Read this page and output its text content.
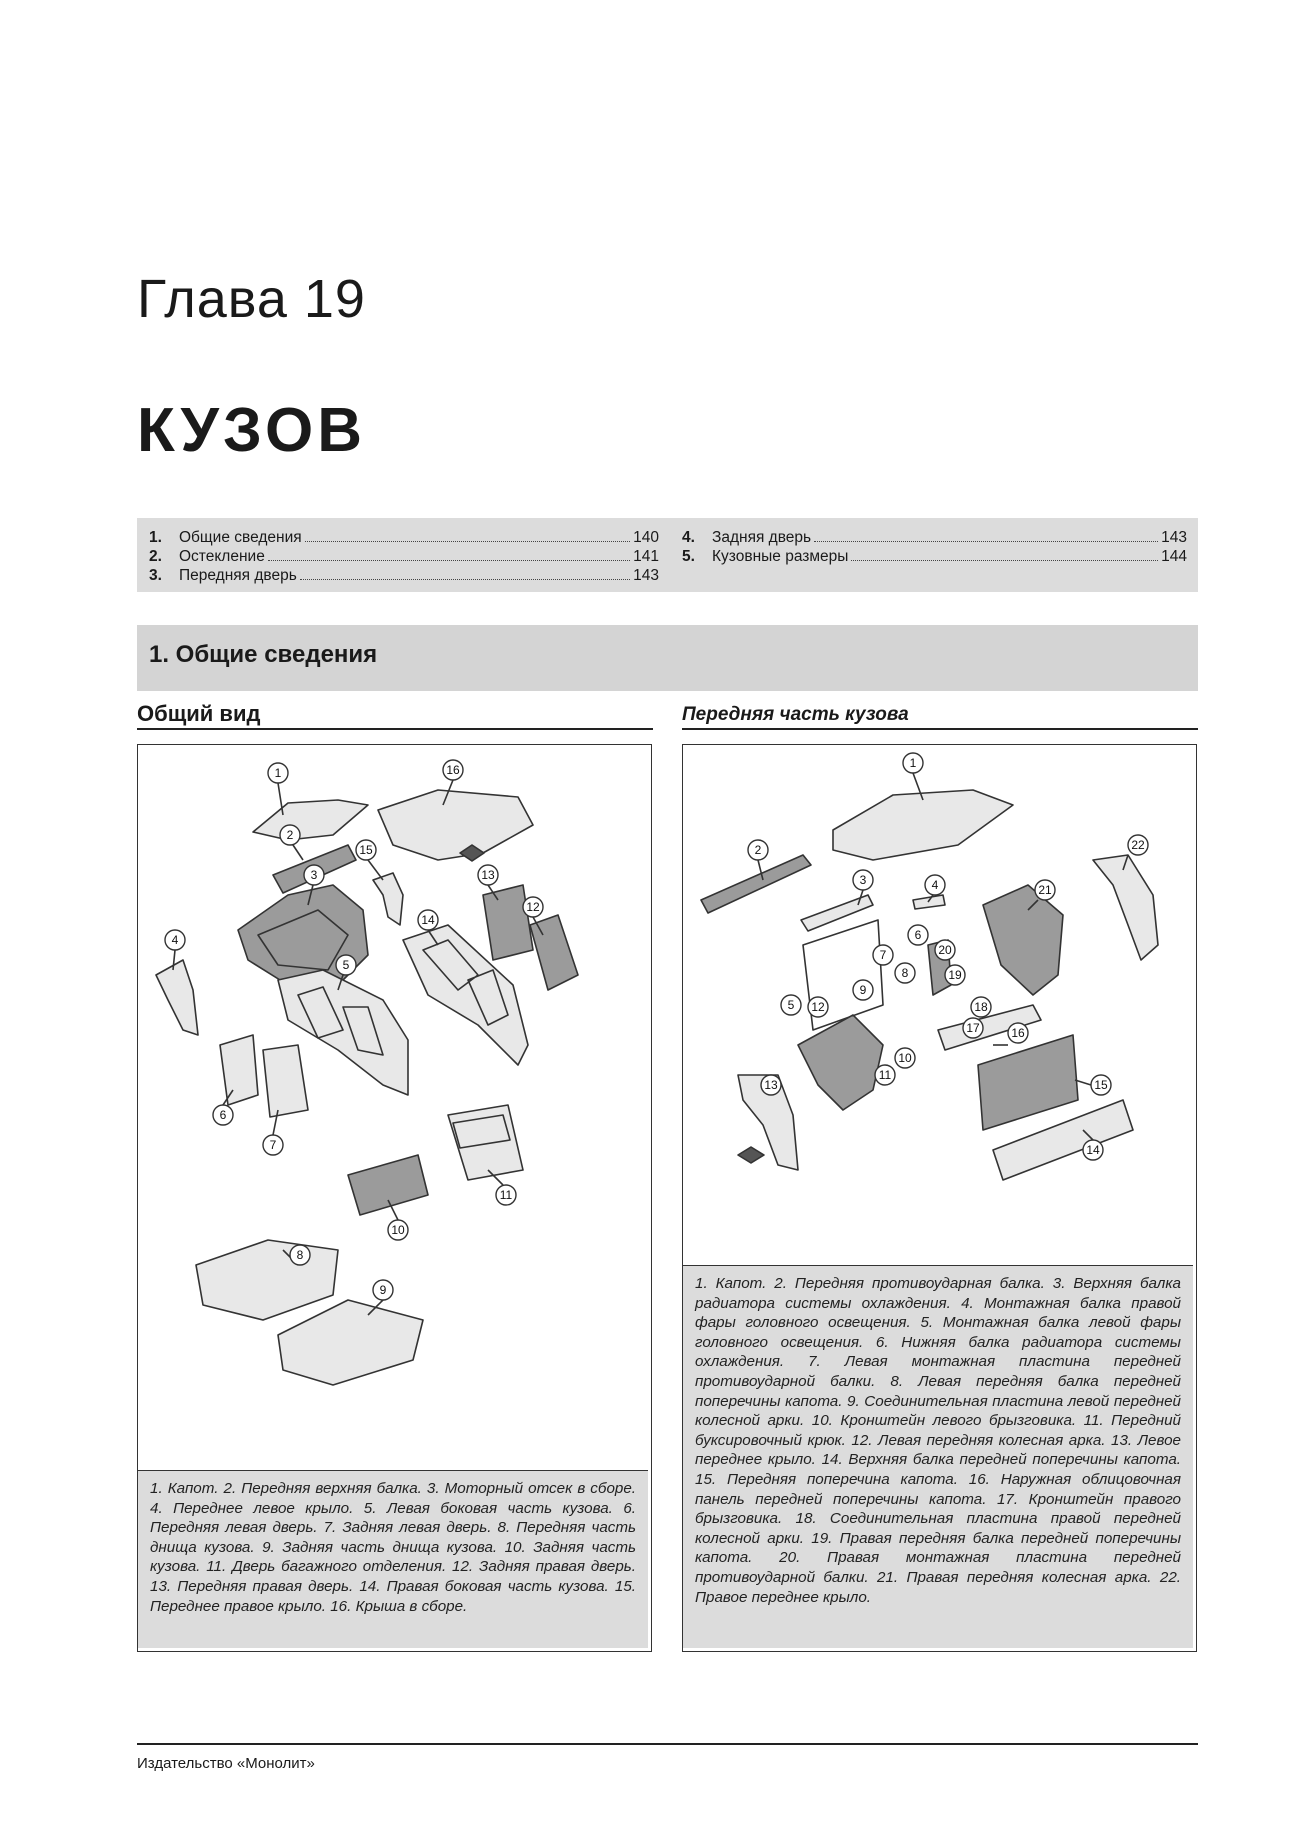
Глава 19
КУЗОВ
1.	Общие сведения	140
2.	Остекление	141
3.	Передняя дверь	143
4.	Задняя дверь	143
5.	Кузовные размеры	144
1. Общие сведения
Общий вид	Передняя часть кузова
1
2
3
4
5
6
7
8
9
10
11
12
13
14
15
16
1. Капот. 2. Передняя верхняя балка. 3. Моторный отсек в сборе. 4. Переднее левое крыло. 5. Левая боковая часть кузова. 6. Передняя левая дверь. 7. Задняя левая дверь. 8. Передняя часть днища кузова. 9. Задняя часть днища кузова. 10. Задняя часть кузова. 11. Дверь багажного отделения. 12. Задняя правая дверь. 13. Передняя правая дверь. 14. Правая боковая часть кузова. 15. Переднее правое крыло. 16. Крыша в сборе.
1
2
3	4
5
6
7
8
9
10
11
12
13
14
15
16
17
18
19
20
21
22
1. Капот. 2. Передняя противоударная балка. 3. Верхняя балка радиатора системы охлаждения. 4. Монтажная балка правой фары головного освещения. 5. Монтажная балка левой фары головного освещения. 6. Нижняя балка радиатора системы охлаждения. 7. Левая монтажная пластина передней противоударной балки. 8. Левая передняя балка передней поперечины капота. 9. Соединительная пластина левой передней колесной арки. 10. Кронштейн левого брызговика. 11. Передний буксировочный крюк. 12. Левая передняя колесная арка. 13. Левое переднее крыло. 14. Верхняя балка передней поперечины капота. 15. Передняя поперечина капота. 16. Наружная облицовочная панель передней поперечины капота. 17. Кронштейн правого брызговика. 18. Соединительная пластина правой передней колесной арки. 19. Правая передняя балка передней поперечины капота. 20. Правая монтажная пластина передней противоударной балки. 21. Правая передняя колесная арка. 22. Правое переднее крыло.
Издательство «Монолит»
